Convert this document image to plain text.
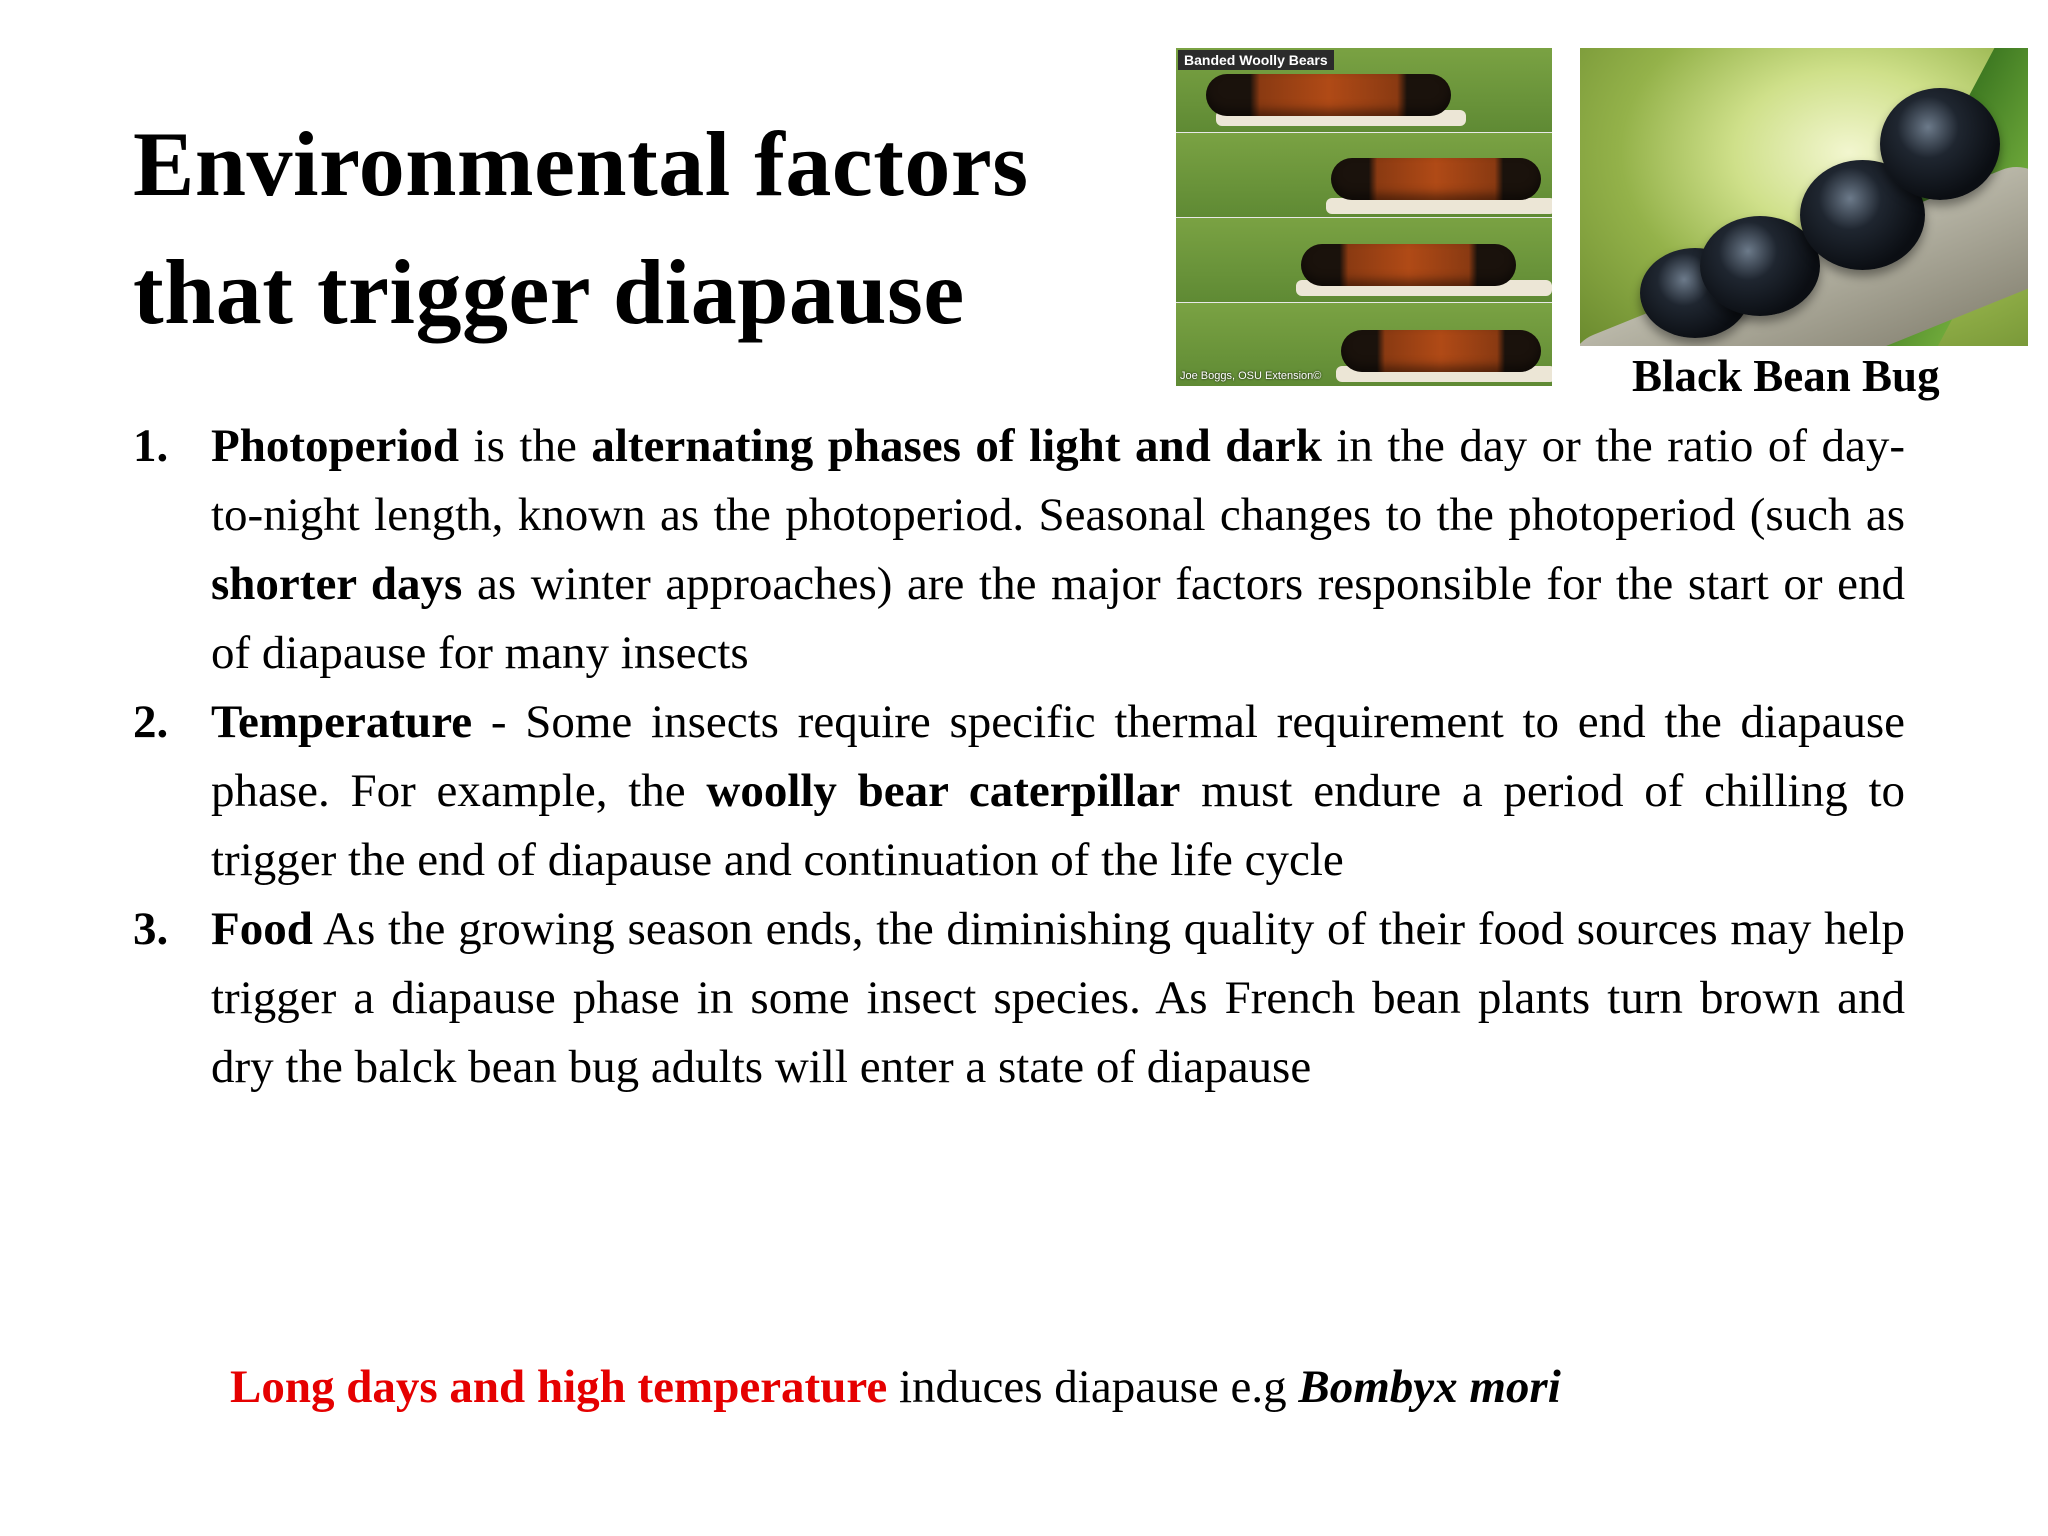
Environmental factors
that trigger diapause
Banded Woolly Bears
Joe Boggs, OSU Extension©	Black Bean Bug
1. Photoperiod is the alternating phases of light and dark in the day or the ratio of day-to-night length, known as the photoperiod. Seasonal changes to the photoperiod (such as shorter days as winter approaches) are the major factors responsible for the start or end of diapause for many insects
2. Temperature - Some insects require specific thermal requirement to end the diapause phase. For example, the woolly bear caterpillar must endure a period of chilling to trigger the end of diapause and continuation of the life cycle
3. Food As the growing season ends, the diminishing quality of their food sources may help trigger a diapause phase in some insect species. As French bean plants turn brown and dry the balck bean bug adults will enter a state of diapause
Long days and high temperature induces diapause e.g Bombyx mori
